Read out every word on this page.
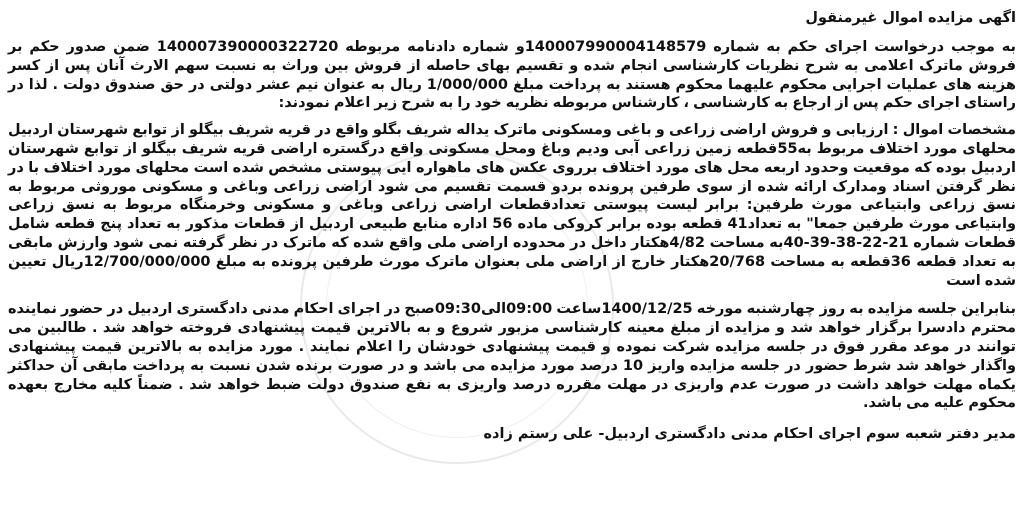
اگهی مزایده اموال غیرمنقول

به موجب درخواست اجرای حکم به شماره 140007990004148579و شماره دادنامه مربوطه 140007390000322720 ضمن صدور حکم بر فروش ماترک اعلامی به شرح نظریات کارشناسی انجام شده و تقسیم بهای حاصله از فروش بین وراث به نسبت سهم الارث آنان پس از کسر هزینه های عملیات اجرایی محکوم علیهما محکوم هستند به پرداخت مبلغ 1/000/000 ریال به عنوان نیم عشر دولتی در حق صندوق دولت . لذا در راستای اجرای حکم پس از ارجاع به کارشناسی ، کارشناس مربوطه نظریه خود را به شرح زیر اعلام نمودند:

مشخصات اموال : ارزیابی و فروش اراضی زراعی و باغی ومسکونی ماترک یداله شریف بگلو واقع در قریه شریف بیگلو از توابع شهرستان اردبیل محلهای مورد اختلاف مربوط به55قطعه زمین زراعی آبی ودیم وباغ ومحل مسکونی واقع درگستره اراضی قریه شریف بیگلو از توابع شهرستان اردبیل بوده که موقعیت وحدود اربعه محل های مورد اختلاف برروی عکس های ماهواره ایی پیوستی مشخص شده است محلهای مورد اختلاف با در نظر گرفتن اسناد ومدارک ارائه شده از سوی طرفین پرونده بردو قسمت تقسیم می شود اراضی زراعی وباغی و مسکونی موروثی مربوط به نسق زراعی وابتیاعی مورث طرفین: برابر لیست پیوستی تعدادقطعات اراضی زراعی وباغی و مسکونی وخرمنگاه مربوط به نسق زراعی وابتیاعی مورث طرفین جمعا" به تعداد41 قطعه بوده برابر کروکی ماده 56 اداره منابع طبیعی اردبیل از قطعات مذکور به تعداد پنج قطعه شامل قطعات شماره 21-22-38-39-40به مساحت 4/82هکتار داخل در محدوده اراضی ملی واقع شده که ماترک در نظر گرفته نمی شود وارزش مابقی به تعداد قطعه 36قطعه به مساحت 20/768هکتار خارج از اراضی ملی بعنوان ماترک مورث طرفین پرونده به مبلغ 12/700/000/000ریال تعیین شده است

بنابراین جلسه مزایده به روز چهارشنبه مورخه 1400/12/25ساعت 09:00الی09:30صبح در اجرای احکام مدنی دادگستری اردبیل در حضور نماینده محترم دادسرا برگزار خواهد شد و مزایده از مبلغ معینه کارشناسی مزبور شروع و به بالاترین قیمت پیشنهادی فروخته خواهد شد . طالبین می توانند در موعد مقرر فوق در جلسه مزایده شرکت نموده و قیمت پیشنهادی خودشان را اعلام نمایند . مورد مزایده به بالاترین قیمت پیشنهادی واگذار خواهد شد شرط حضور در جلسه مزایده واریز 10 درصد مورد مزایده می باشد و در صورت برنده شدن نسبت به پرداخت مابقی آن حداکثر یکماه مهلت خواهد داشت در صورت عدم واریزی در مهلت مقرره درصد واریزی به نفع صندوق دولت ضبط خواهد شد . ضمناً کلیه مخارج بعهده محکوم علیه می باشد.

مدیر دفتر شعبه سوم اجرای احکام مدنی دادگستری اردبیل- علی رستم زاده
